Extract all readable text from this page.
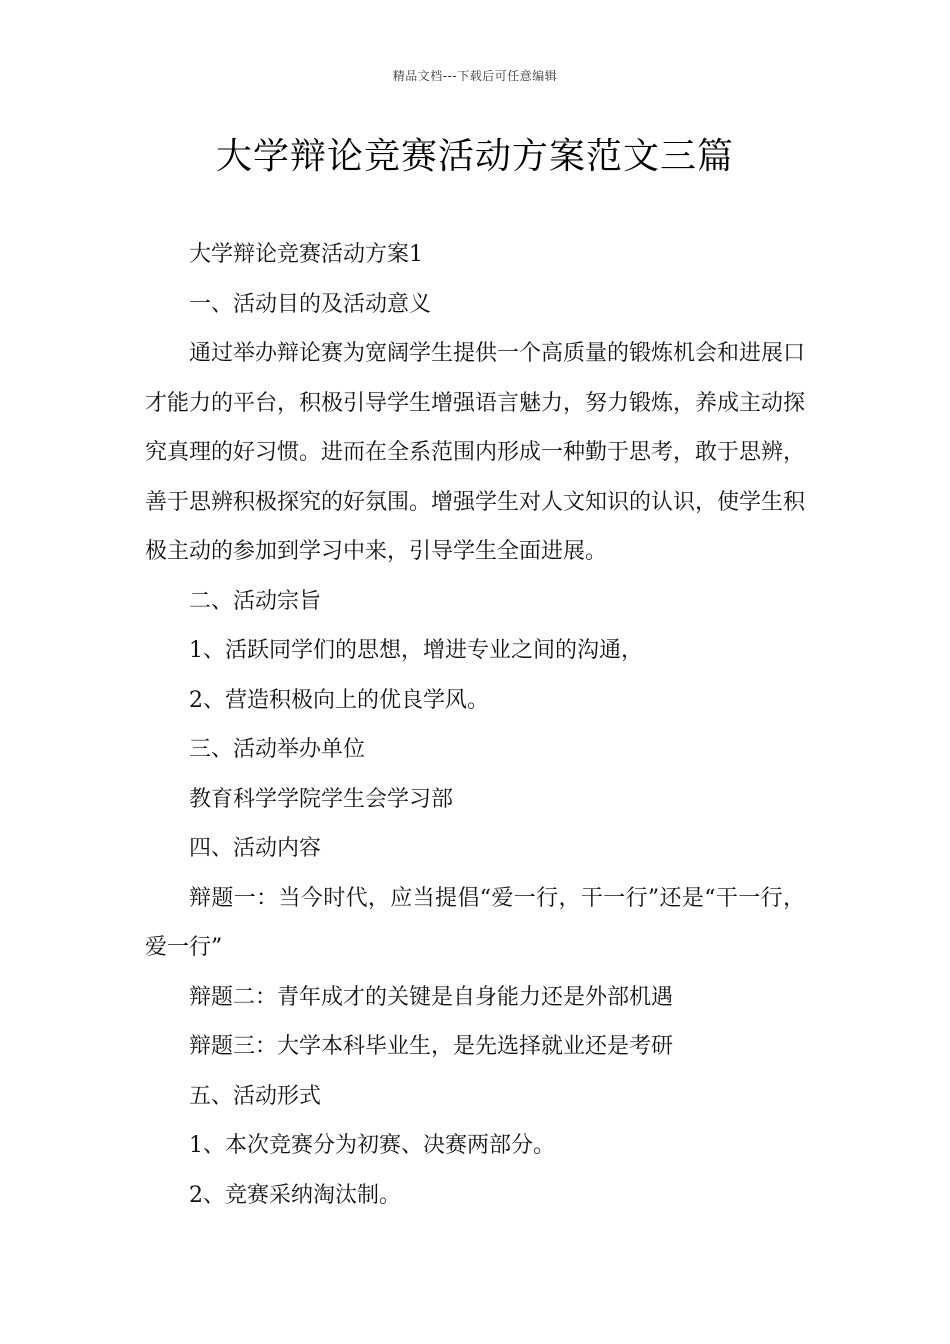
精品文档---下载后可任意编辑
大学辩论竞赛活动方案范文三篇

大学辩论竞赛活动方案1

一、活动目的及活动意义

通过举办辩论赛为宽阔学生提供一个高质量的锻炼机会和进展口才能力的平台，积极引导学生增强语言魅力，努力锻炼，养成主动探究真理的好习惯。进而在全系范围内形成一种勤于思考，敢于思辨，善于思辨积极探究的好氛围。增强学生对人文知识的认识，使学生积极主动的参加到学习中来，引导学生全面进展。

二、活动宗旨

1、活跃同学们的思想，增进专业之间的沟通，

2、营造积极向上的优良学风。

三、活动举办单位

教育科学学院学生会学习部

四、活动内容

辩题一：当今时代，应当提倡“爱一行，干一行”还是“干一行，爱一行”

辩题二：青年成才的关键是自身能力还是外部机遇

辩题三：大学本科毕业生，是先选择就业还是考研

五、活动形式

1、本次竞赛分为初赛、决赛两部分。

2、竞赛采纳淘汰制。
